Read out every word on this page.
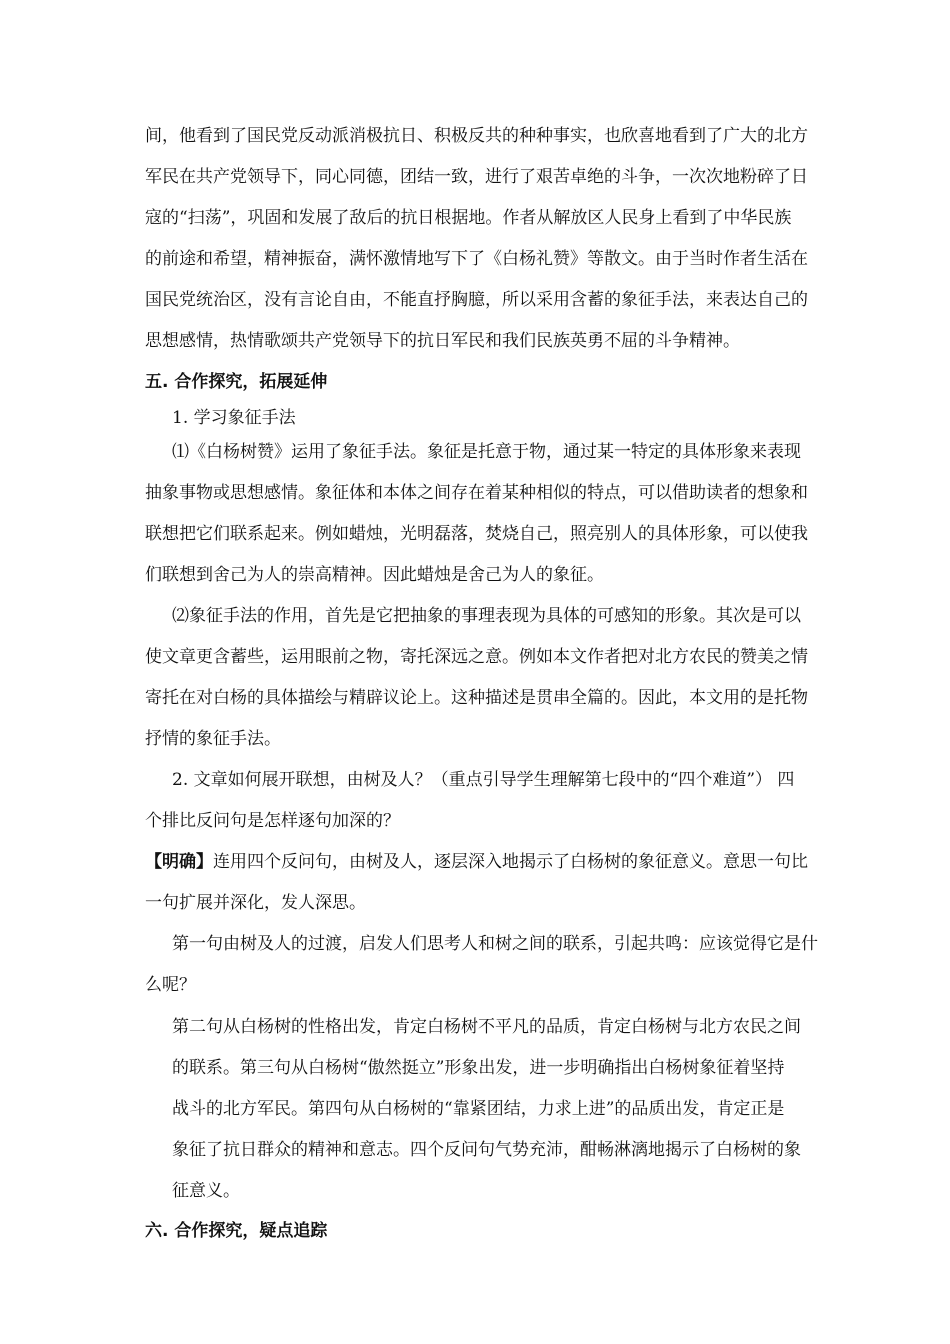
间，他看到了国民党反动派消极抗日、积极反共的种种事实，也欣喜地看到了广大的北方

军民在共产党领导下，同心同德，团结一致，进行了艰苦卓绝的斗争，一次次地粉碎了日

寇的“扫荡”，巩固和发展了敌后的抗日根据地。作者从解放区人民身上看到了中华民族

的前途和希望，精神振奋，满怀激情地写下了《白杨礼赞》等散文。由于当时作者生活在

国民党统治区，没有言论自由，不能直抒胸臆，所以采用含蓄的象征手法，来表达自己的

思想感情，热情歌颂共产党领导下的抗日军民和我们民族英勇不屈的斗争精神。

五. 合作探究，拓展延伸

1. 学习象征手法

⑴《白杨树赞》运用了象征手法。象征是托意于物，通过某一特定的具体形象来表现

抽象事物或思想感情。象征体和本体之间存在着某种相似的特点，可以借助读者的想象和

联想把它们联系起来。例如蜡烛，光明磊落，焚烧自己，照亮别人的具体形象，可以使我

们联想到舍己为人的崇高精神。因此蜡烛是舍己为人的象征。

⑵象征手法的作用，首先是它把抽象的事理表现为具体的可感知的形象。其次是可以

使文章更含蓄些，运用眼前之物，寄托深远之意。例如本文作者把对北方农民的赞美之情

寄托在对白杨的具体描绘与精辟议论上。这种描述是贯串全篇的。因此，本文用的是托物

抒情的象征手法。

2. 文章如何展开联想，由树及人？（重点引导学生理解第七段中的“四个难道”） 四

个排比反问句是怎样逐句加深的？

【明确】连用四个反问句，由树及人，逐层深入地揭示了白杨树的象征意义。意思一句比

一句扩展并深化，发人深思。

第一句由树及人的过渡，启发人们思考人和树之间的联系，引起共鸣：应该觉得它是什

么呢？

第二句从白杨树的性格出发，肯定白杨树不平凡的品质，肯定白杨树与北方农民之间

的联系。第三句从白杨树“傲然挺立”形象出发，进一步明确指出白杨树象征着坚持

战斗的北方军民。第四句从白杨树的“靠紧团结，力求上进”的品质出发，肯定正是

象征了抗日群众的精神和意志。四个反问句气势充沛，酣畅淋漓地揭示了白杨树的象

征意义。

六. 合作探究，疑点追踪
